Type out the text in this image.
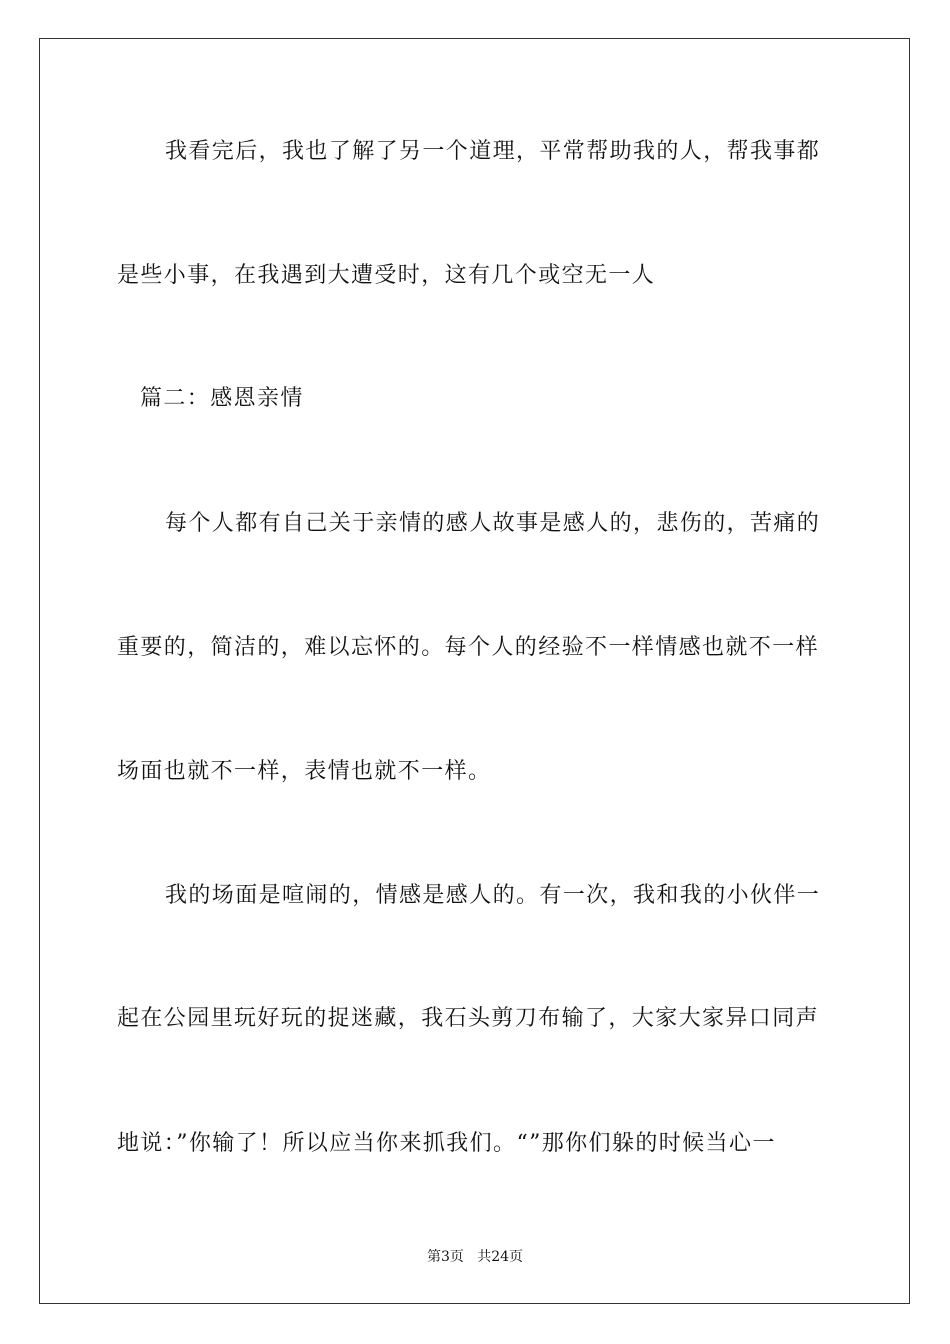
我看完后，我也了解了另一个道理，平常帮助我的人，帮我事都
是些小事，在我遇到大遭受时，这有几个或空无一人
篇二：感恩亲情
每个人都有自己关于亲情的感人故事是感人的，悲伤的，苦痛的
重要的，简洁的，难以忘怀的。每个人的经验不一样情感也就不一样
场面也就不一样，表情也就不一样。
我的场面是喧闹的，情感是感人的。有一次，我和我的小伙伴一
起在公园里玩好玩的捉迷藏，我石头剪刀布输了，大家大家异口同声
地说：”你输了！所以应当你来抓我们。“”那你们躲的时候当心一
第3页   共24页
